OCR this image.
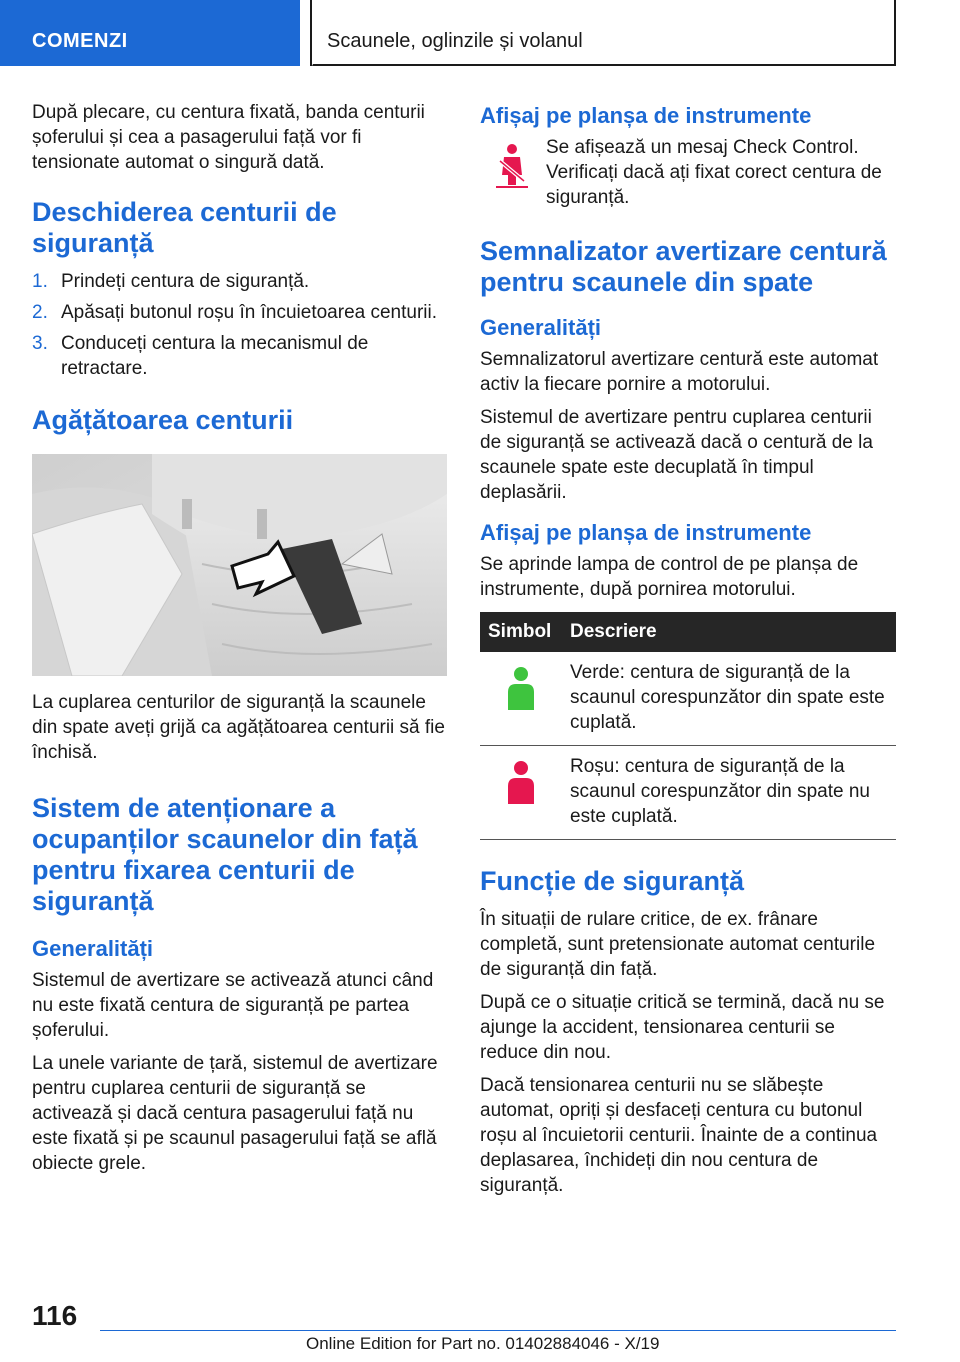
COMENZI	Scaunele, oglinzile și volanul

După plecare, cu centura fixată, banda centurii șoferului și cea a pasagerului față vor fi tensionate automat o singură dată.

Deschiderea centurii de siguranță
1. Prindeți centura de siguranță.
2. Apăsați butonul roșu în încuietoarea centurii.
3. Conduceți centura la mecanismul de retractare.
Agățătoarea centurii

La cuplarea centurilor de siguranță la scaunele din spate aveți grijă ca agățătoarea centurii să fie închisă.

Sistem de atenționare a ocupanților scaunelor din față pentru fixarea centurii de siguranță
Generalități

Sistemul de avertizare se activează atunci când nu este fixată centura de siguranță pe partea șoferului.

La unele variante de țară, sistemul de avertizare pentru cuplarea centurii de siguranță se activează și dacă centura pasagerului față nu este fixată și pe scaunul pasagerului față se află obiecte grele.

Afișaj pe planșa de instrumente
Se afișează un mesaj Check Control. Verificați dacă ați fixat corect centura de siguranță.
Semnalizator avertizare centură pentru scaunele din spate
Generalități

Semnalizatorul avertizare centură este automat activ la fiecare pornire a motorului.

Sistemul de avertizare pentru cuplarea centurii de siguranță se activează dacă o centură de la scaunele spate este decuplată în timpul deplasării.

Afișaj pe planșa de instrumente

Se aprinde lampa de control de pe planșa de instrumente, după pornirea motorului.

Simbol	Descriere
	Verde: centura de siguranță de la scaunul corespunzător din spate este cuplată.
	Roșu: centura de siguranță de la scaunul corespunzător din spate nu este cuplată.
Funcție de siguranță

În situații de rulare critice, de ex. frânare completă, sunt pretensionate automat centurile de siguranță din față.

După ce o situație critică se termină, dacă nu se ajunge la accident, tensionarea centurii se reduce din nou.

Dacă tensionarea centurii nu se slăbește automat, opriți și desfaceți centura cu butonul roșu al încuietorii centurii. Înainte de a continua deplasarea, închideți din nou centura de siguranță.

116
Online Edition for Part no. 01402884046 - X/19
